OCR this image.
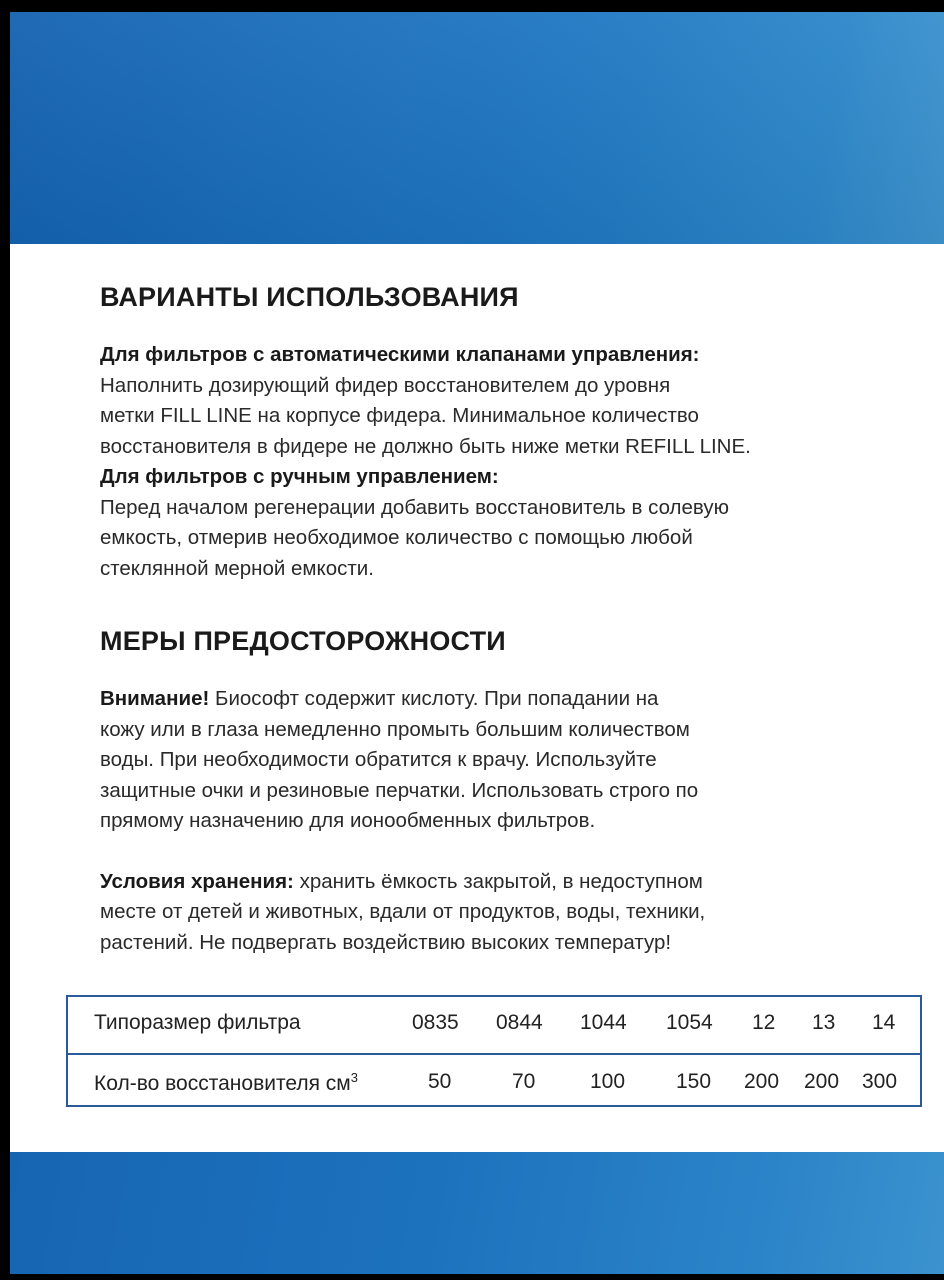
ВАРИАНТЫ ИСПОЛЬЗОВАНИЯ

Для фильтров с автоматическими клапанами управления:

Наполнить дозирующий фидер восстановителем до уровня

метки FILL LINE на корпусе фидера. Минимальное количество

восстановителя в фидере не должно быть ниже метки REFILL LINE.

Для фильтров с ручным управлением:

Перед началом регенерации добавить восстановитель в солевую

емкость, отмерив необходимое количество с помощью любой

стеклянной мерной емкости.

МЕРЫ ПРЕДОСТОРОЖНОСТИ

Внимание! Биософт содержит кислоту. При попадании на

кожу или в глаза немедленно промыть большим количеством

воды. При необходимости обратится к врачу. Используйте

защитные очки и резиновые перчатки. Использовать строго по

прямому назначению для ионообменных фильтров.

Условия хранения: хранить ёмкость закрытой, в недоступном

месте от детей и животных, вдали от продуктов, воды, техники,

растений. Не подвергать воздействию высоких температур!

Типоразмер фильтра	0835 0844 1044 1054 12 13 14
Кол-во восстановителя $см^3$	50	70	100 150 200 200 300
